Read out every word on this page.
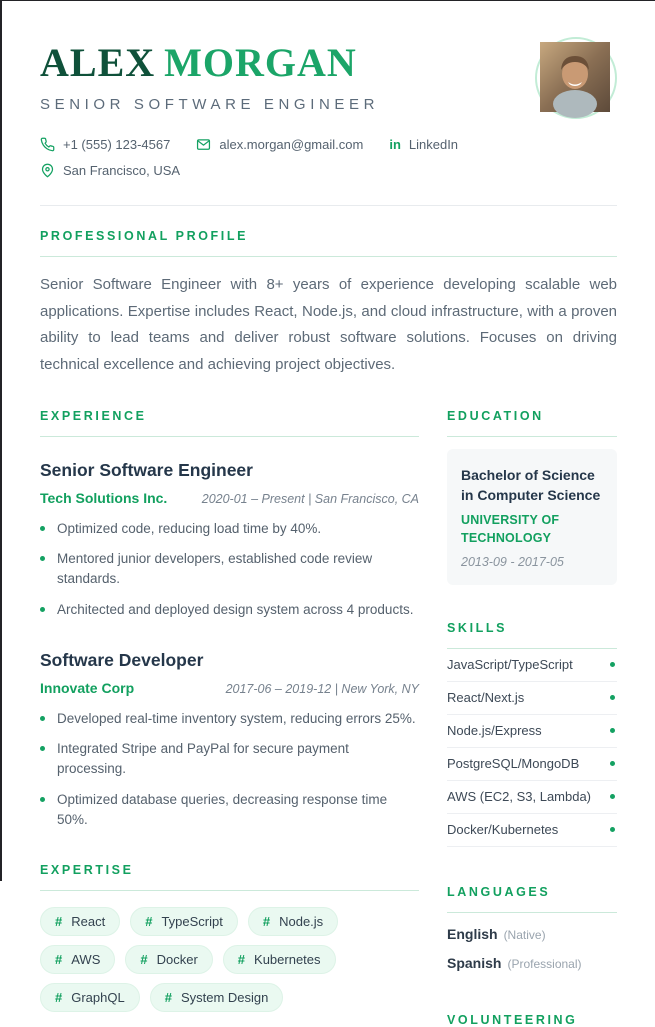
ALEX MORGAN
SENIOR SOFTWARE ENGINEER
+1 (555) 123-4567	alex.morgan@gmail.com in LinkedIn
San Francisco, USA
PROFESSIONAL PROFILE

Senior Software Engineer with 8+ years of experience developing scalable web applications. Expertise includes React, Node.js, and cloud infrastructure, with a proven ability to lead teams and deliver robust software solutions. Focuses on driving technical excellence and achieving project objectives.

EXPERIENCE
Senior Software Engineer
Tech Solutions Inc.	2020-01 – Present | San Francisco, CA
Optimized code, reducing load time by 40%.
Mentored junior developers, established code review standards.
Architected and deployed design system across 4 products.
Software Developer
Innovate Corp	2017-06 – 2019-12 | New York, NY
Developed real-time inventory system, reducing errors 25%.
Integrated Stripe and PayPal for secure payment processing.
Optimized database queries, decreasing response time 50%.
EXPERTISE
# React	# TypeScript	# Node.js
# AWS	# Docker	# Kubernetes
# GraphQL	# System Design
EDUCATION
Bachelor of Science in Computer Science
UNIVERSITY OF TECHNOLOGY
2013-09 - 2017-05
SKILLS
JavaScript/TypeScript
React/Next.js
Node.js/Express
PostgreSQL/MongoDB
AWS (EC2, S3, Lambda)
Docker/Kubernetes
LANGUAGES
English (Native)
Spanish (Professional)
VOLUNTEERING
